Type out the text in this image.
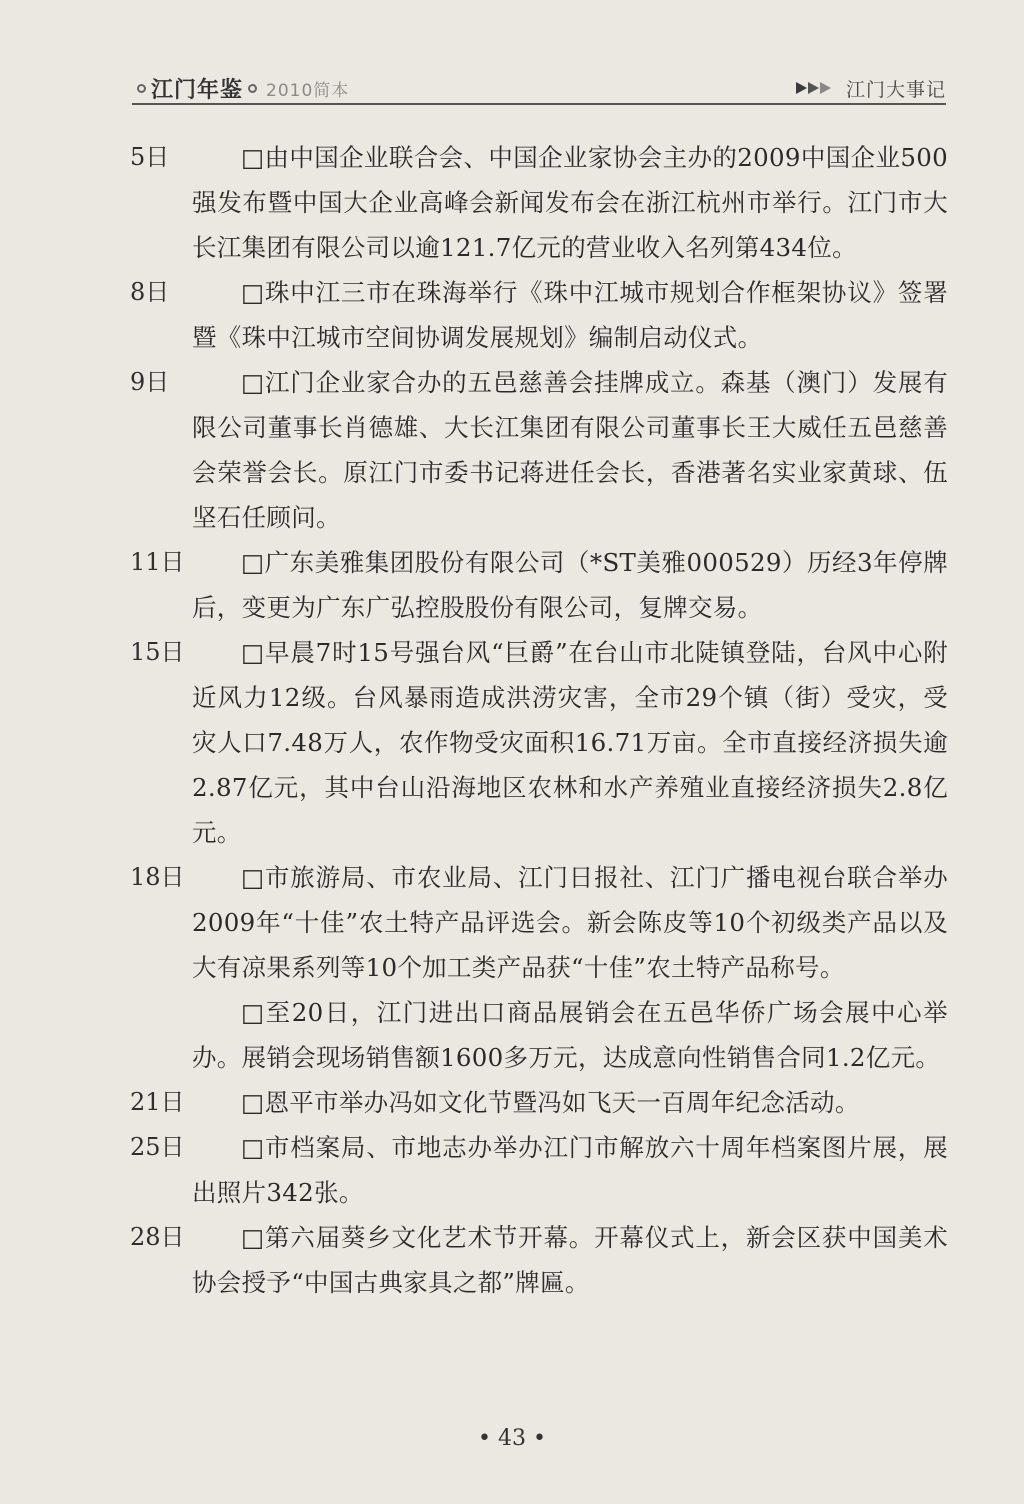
江门年鉴 2010简本	江门大事记
5日	□由中国企业联合会、中国企业家协会主办的2009中国企业500强发布暨中国大企业高峰会新闻发布会在浙江杭州市举行。江门市大长江集团有限公司以逾121.7亿元的营业收入名列第434位。
8日	□珠中江三市在珠海举行《珠中江城市规划合作框架协议》签署暨《珠中江城市空间协调发展规划》编制启动仪式。
9日	□江门企业家合办的五邑慈善会挂牌成立。森基（澳门）发展有限公司董事长肖德雄、大长江集团有限公司董事长王大威任五邑慈善会荣誉会长。原江门市委书记蒋进任会长，香港著名实业家黄球、伍坚石任顾问。
11日	□广东美雅集团股份有限公司（*ST美雅000529）历经3年停牌后，变更为广东广弘控股股份有限公司，复牌交易。
15日	□早晨7时15号强台风“巨爵”在台山市北陡镇登陆，台风中心附近风力12级。台风暴雨造成洪涝灾害，全市29个镇（街）受灾，受灾人口7.48万人，农作物受灾面积16.71万亩。全市直接经济损失逾2.87亿元，其中台山沿海地区农林和水产养殖业直接经济损失2.8亿元。
18日	□市旅游局、市农业局、江门日报社、江门广播电视台联合举办2009年“十佳”农土特产品评选会。新会陈皮等10个初级类产品以及大有凉果系列等10个加工类产品获“十佳”农土特产品称号。
□至20日，江门进出口商品展销会在五邑华侨广场会展中心举办。展销会现场销售额1600多万元，达成意向性销售合同1.2亿元。
21日	□恩平市举办冯如文化节暨冯如飞天一百周年纪念活动。
25日	□市档案局、市地志办举办江门市解放六十周年档案图片展，展出照片342张。
28日	□第六届葵乡文化艺术节开幕。开幕仪式上，新会区获中国美术协会授予“中国古典家具之都”牌匾。
• 43 •
